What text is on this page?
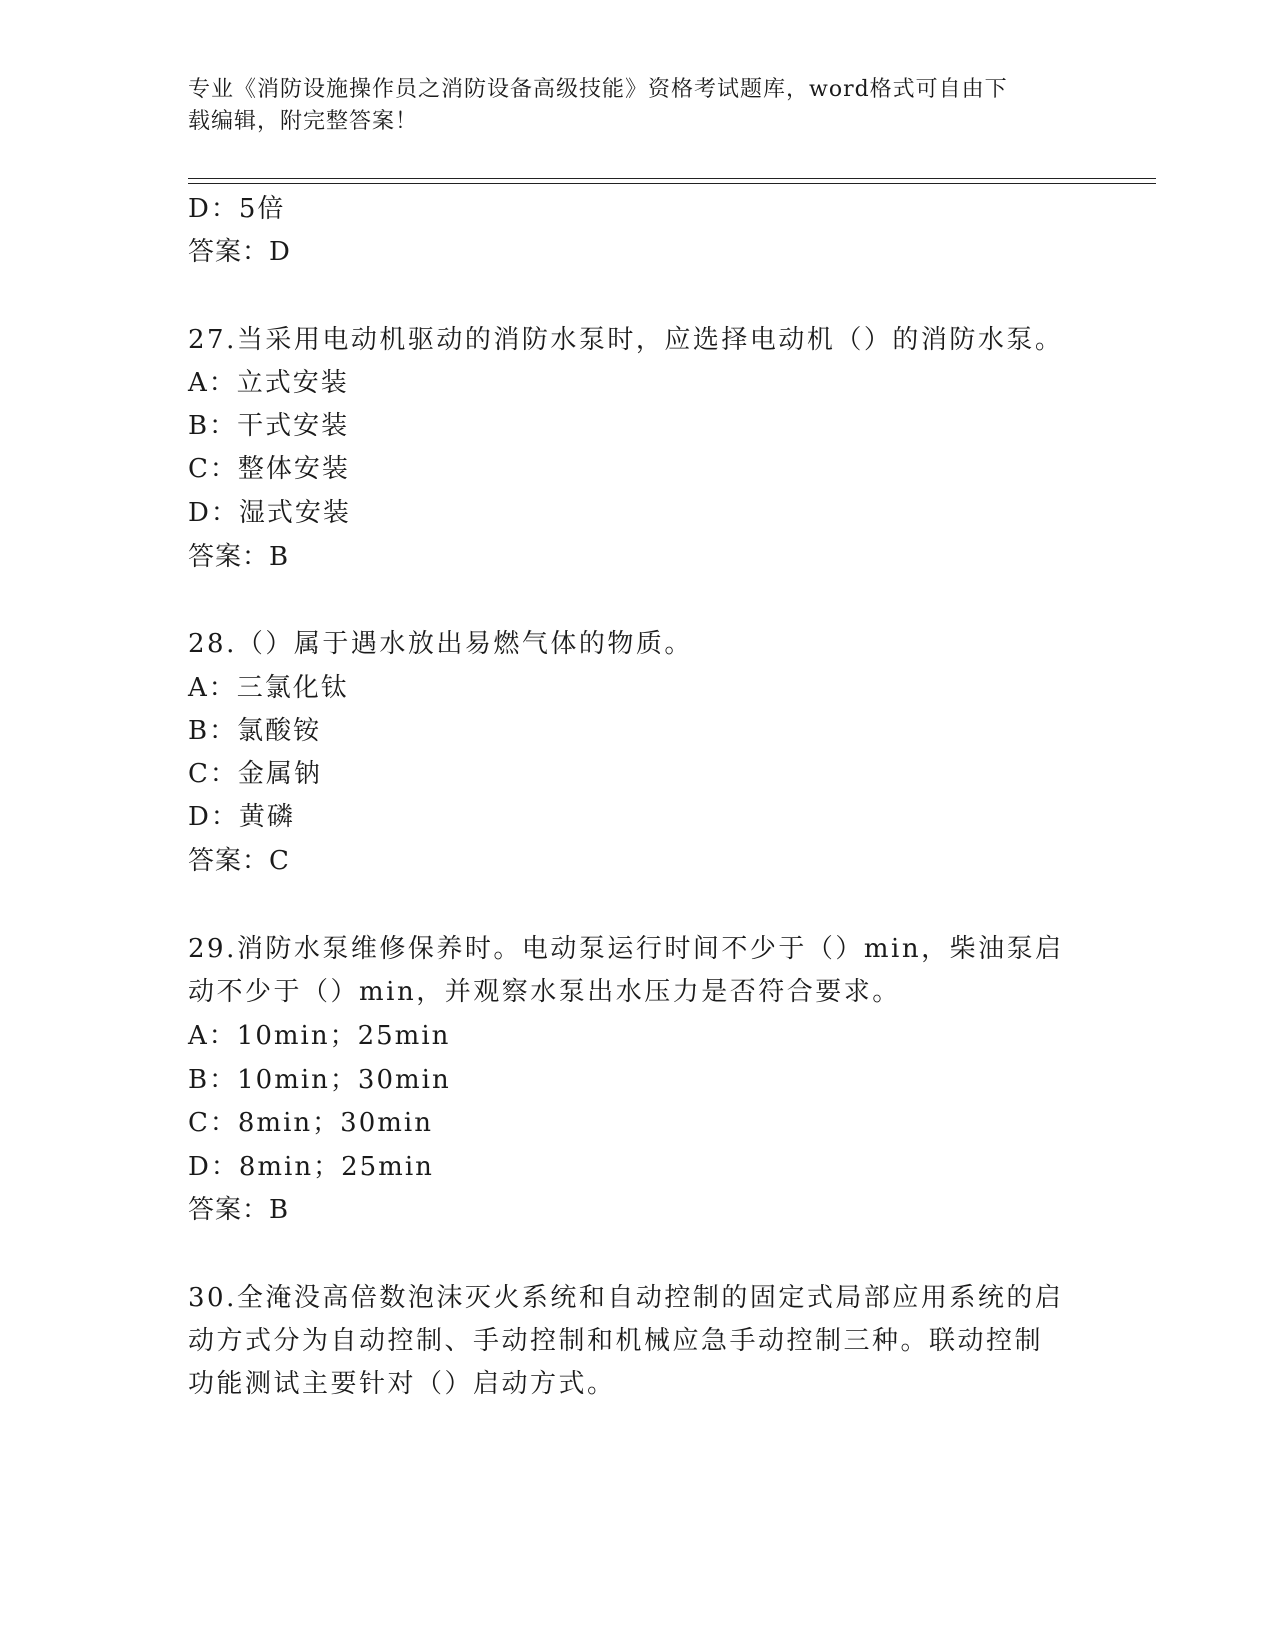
专业《消防设施操作员之消防设备高级技能》资格考试题库，word格式可自由下
载编辑，附完整答案！
D：5倍
答案：D
27.当采用电动机驱动的消防水泵时，应选择电动机（）的消防水泵。
A：立式安装
B：干式安装
C：整体安装
D：湿式安装
答案：B
28.（）属于遇水放出易燃气体的物质。
A：三氯化钛
B：氯酸铵
C：金属钠
D：黄磷
答案：C
29.消防水泵维修保养时。电动泵运行时间不少于（）min，柴油泵启
动不少于（）min，并观察水泵出水压力是否符合要求。
A：10min；25min
B：10min；30min
C：8min；30min
D：8min；25min
答案：B
30.全淹没高倍数泡沫灭火系统和自动控制的固定式局部应用系统的启
动方式分为自动控制、手动控制和机械应急手动控制三种。联动控制
功能测试主要针对（）启动方式。
